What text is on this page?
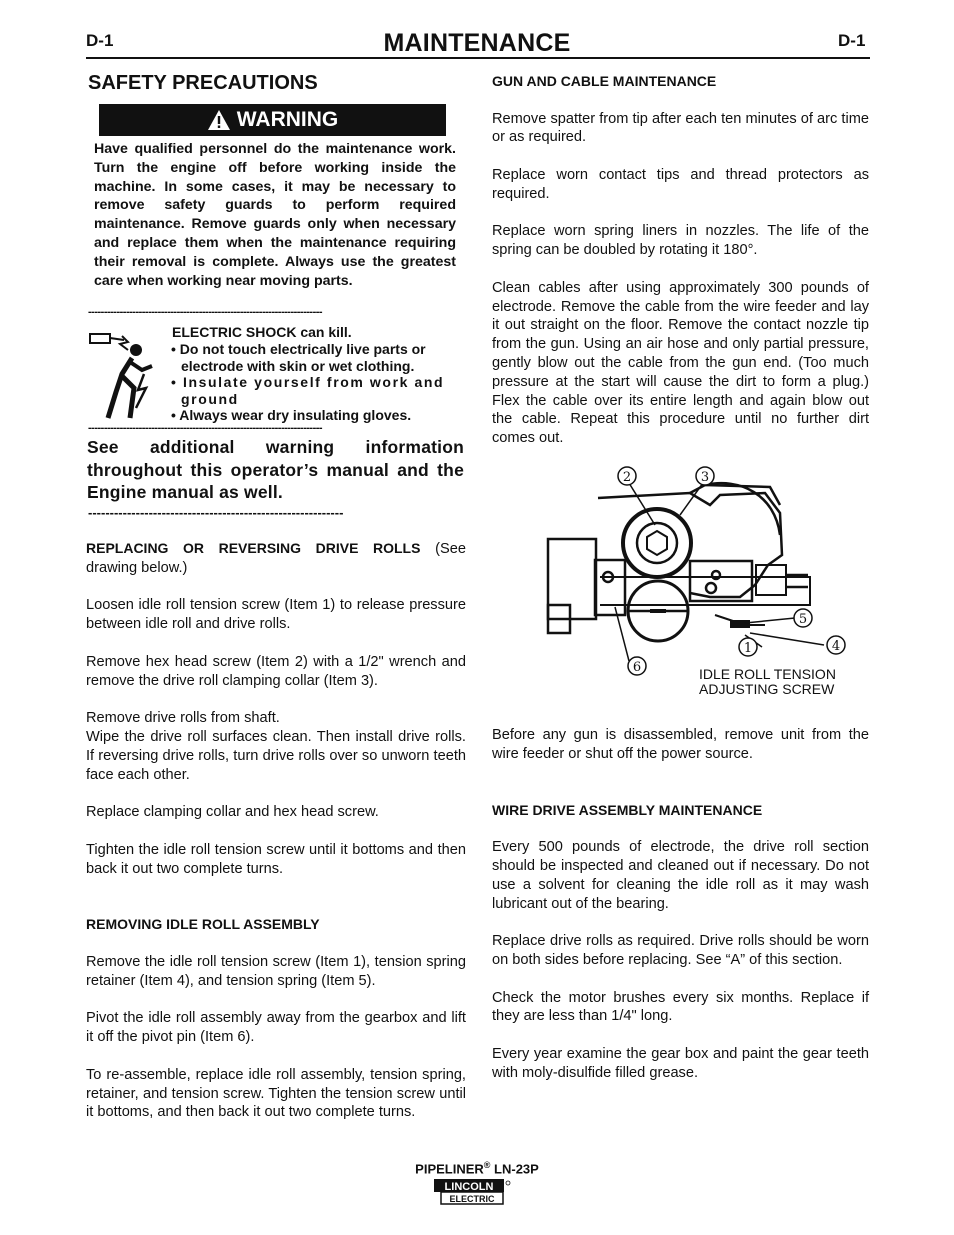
D-1	MAINTENANCE	D-1
SAFETY PRECAUTIONS
WARNING
Have qualified personnel do the maintenance work. Turn the engine off before working inside the machine. In some cases, it may be necessary to remove safety guards to perform required maintenance. Remove guards only when necessary and replace them when the maintenance requiring their removal is complete. Always use the greatest care when working near moving parts.
--------------------------------------------------------------------------
ELECTRIC SHOCK can kill.
• Do not touch electrically live parts or electrode with skin or wet clothing.
• Insulate yourself from work and ground
• Always wear dry insulating gloves.
--------------------------------------------------------------------------
See additional warning information throughout this operator’s manual and the Engine manual as well.
-----------------------------------------------------------

REPLACING OR REVERSING DRIVE ROLLS (See drawing below.)

Loosen idle roll tension screw (Item 1) to release pressure between idle roll and drive rolls.

Remove hex head screw (Item 2) with a 1/2" wrench and remove the drive roll clamping collar (Item 3).

Remove drive rolls from shaft.

Wipe the drive roll surfaces clean. Then install drive rolls. If reversing drive rolls, turn drive rolls over so unworn teeth face each other.

Replace clamping collar and hex head screw.

Tighten the idle roll tension screw until it bottoms and then back it out two complete turns.

REMOVING IDLE ROLL ASSEMBLY

Remove the idle roll tension screw (Item 1), tension spring retainer (Item 4), and tension spring (Item 5).

Pivot the idle roll assembly away from the gearbox and lift it off the pivot pin (Item 6).

To re-assemble, replace idle roll assembly, tension spring, retainer, and tension screw. Tighten the tension screw until it bottoms, and then back it out two complete turns.

GUN AND CABLE MAINTENANCE

Remove spatter from tip after each ten minutes of arc time or as required.

Replace worn contact tips and thread protectors as required.

Replace worn spring liners in nozzles. The life of the spring can be doubled by rotating it 180°.

Clean cables after using approximately 300 pounds of electrode. Remove the cable from the wire feeder and lay it out straight on the floor. Remove the contact nozzle tip from the gun. Using an air hose and only partial pressure, gently blow out the cable from the gun end. (Too much pressure at the start will cause the dirt to form a plug.) Flex the cable over its entire length and again blow out the cable. Repeat this procedure until no further dirt comes out.

2	3
5
1	4
6	IDLE ROLL TENSION
ADJUSTING SCREW

Before any gun is disassembled, remove unit from the wire feeder or shut off the power source.

WIRE DRIVE ASSEMBLY MAINTENANCE

Every 500 pounds of electrode, the drive roll section should be inspected and cleaned out if necessary. Do not use a solvent for cleaning the idle roll as it may wash lubricant out of the bearing.

Replace drive rolls as required. Drive rolls should be worn on both sides before replacing. See “A” of this section.

Check the motor brushes every six months. Replace if they are less than 1/4" long.

Every year examine the gear box and paint the gear teeth with moly-disulfide filled grease.

PIPELINER® LN-23P
LINCOLN
ELECTRIC
